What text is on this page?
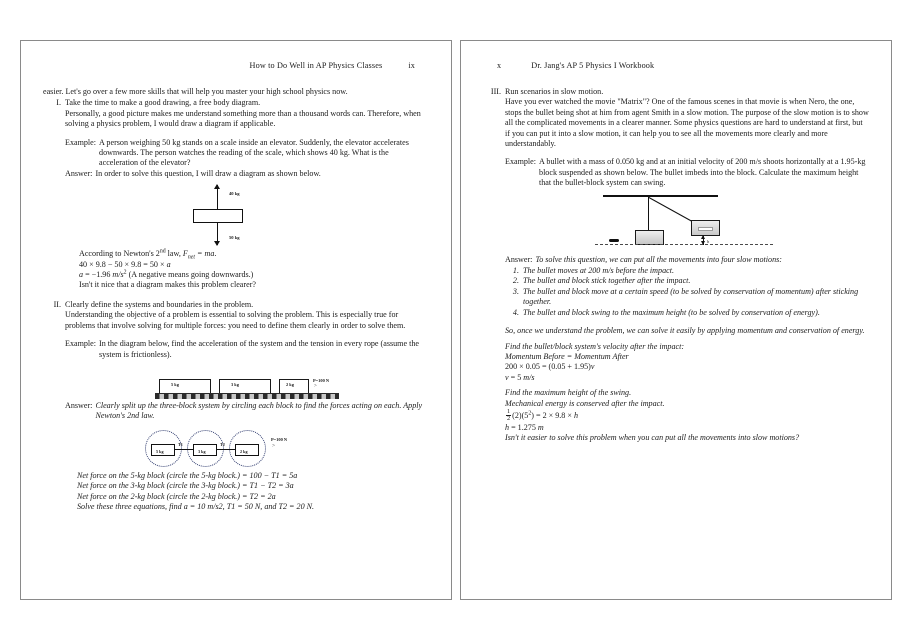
How to Do Well in AP Physics Classes	ix

easier. Let's go over a few more skills that will help you master your high school physics now.

I. Take the time to make a good drawing, a free body diagram.
Personally, a good picture makes me understand something more than a thousand words can. Therefore, when solving a physics problem, I would draw a diagram if applicable.
Example: A person weighing 50 kg stands on a scale inside an elevator. Suddenly, the elevator accelerates downwards. The person watches the reading of the scale, which shows 40 kg. What is the acceleration of the elevator?
Answer: In order to solve this question, I will draw a diagram as shown below.
40 kg
50 kg
According to Newton's 2nd law, $F_{net}$ = ma.
40 × 9.8 − 50 × 9.8 = 50 × a
a = −1.96 $m/s^2$ (A negative means going downwards.)
Isn't it nice that a diagram makes this problem clearer?
II. Clearly define the systems and boundaries in the problem.
Understanding the objective of a problem is essential to solving the problem. This is especially true for problems that involve solving for multiple forces: you need to define them clearly in order to solve them.
Example: In the diagram below, find the acceleration of the system and the tension in every rope (assume the system is frictionless).
5 kg	3 kg	2 kg
P=100 N
>
Answer: Clearly split up the three-block system by circling each block to find the forces acting on each. Apply Newton's 2nd law.
5 kg	3 kg	2 kg
T1	T2
P=100 N
>
Net force on the 5-kg block (circle the 5-kg block.) = 100 − T1 = 5a
Net force on the 3-kg block (circle the 3-kg block.) = T1 − T2 = 3a
Net force on the 2-kg block (circle the 2-kg block.) = T2 = 2a
Solve these three equations, find a = 10 m/s2, T1 = 50 N, and T2 = 20 N.
x	Dr. Jang's AP 5 Physics I Workbook
III. Run scenarios in slow motion.
Have you ever watched the movie "Matrix"? One of the famous scenes in that movie is when Nero, the one, stops the bullet being shot at him from agent Smith in a slow motion. The purpose of the slow motion is to show all the complicated movements in a clearer manner. Some physics questions are hard to understand at first, but if you can put it into a slow motion, it can help you to see all the movements more clearly and more understandably.
Example: A bullet with a mass of 0.050 kg and at an initial velocity of 200 m/s shoots horizontally at a 1.95-kg block suspended as shown below. The bullet imbeds into the block. Calculate the maximum height that the bullet-block system can swing.
h
Answer: To solve this question, we can put all the movements into four slow motions:
1. The bullet moves at 200 m/s before the impact.
2. The bullet and block stick together after the impact.
3. The bullet and block move at a certain speed (to be solved by conservation of momentum) after sticking together.
4. The bullet and block swing to the maximum height (to be solved by conservation of energy).
So, once we understand the problem, we can solve it easily by applying momentum and conservation of energy.
Find the bullet/block system's velocity after the impact:
Momentum Before = Momentum After
200 × 0.05 = (0.05 + 1.95)v
v = 5 m/s
Find the maximum height of the swing.
Mechanical energy is conserved after the impact.
$\frac{1}{2} (2)(5^2) = 2 \times 9.8 \times h$
h = 1.275 m
Isn't it easier to solve this problem when you can put all the movements into slow motions?
